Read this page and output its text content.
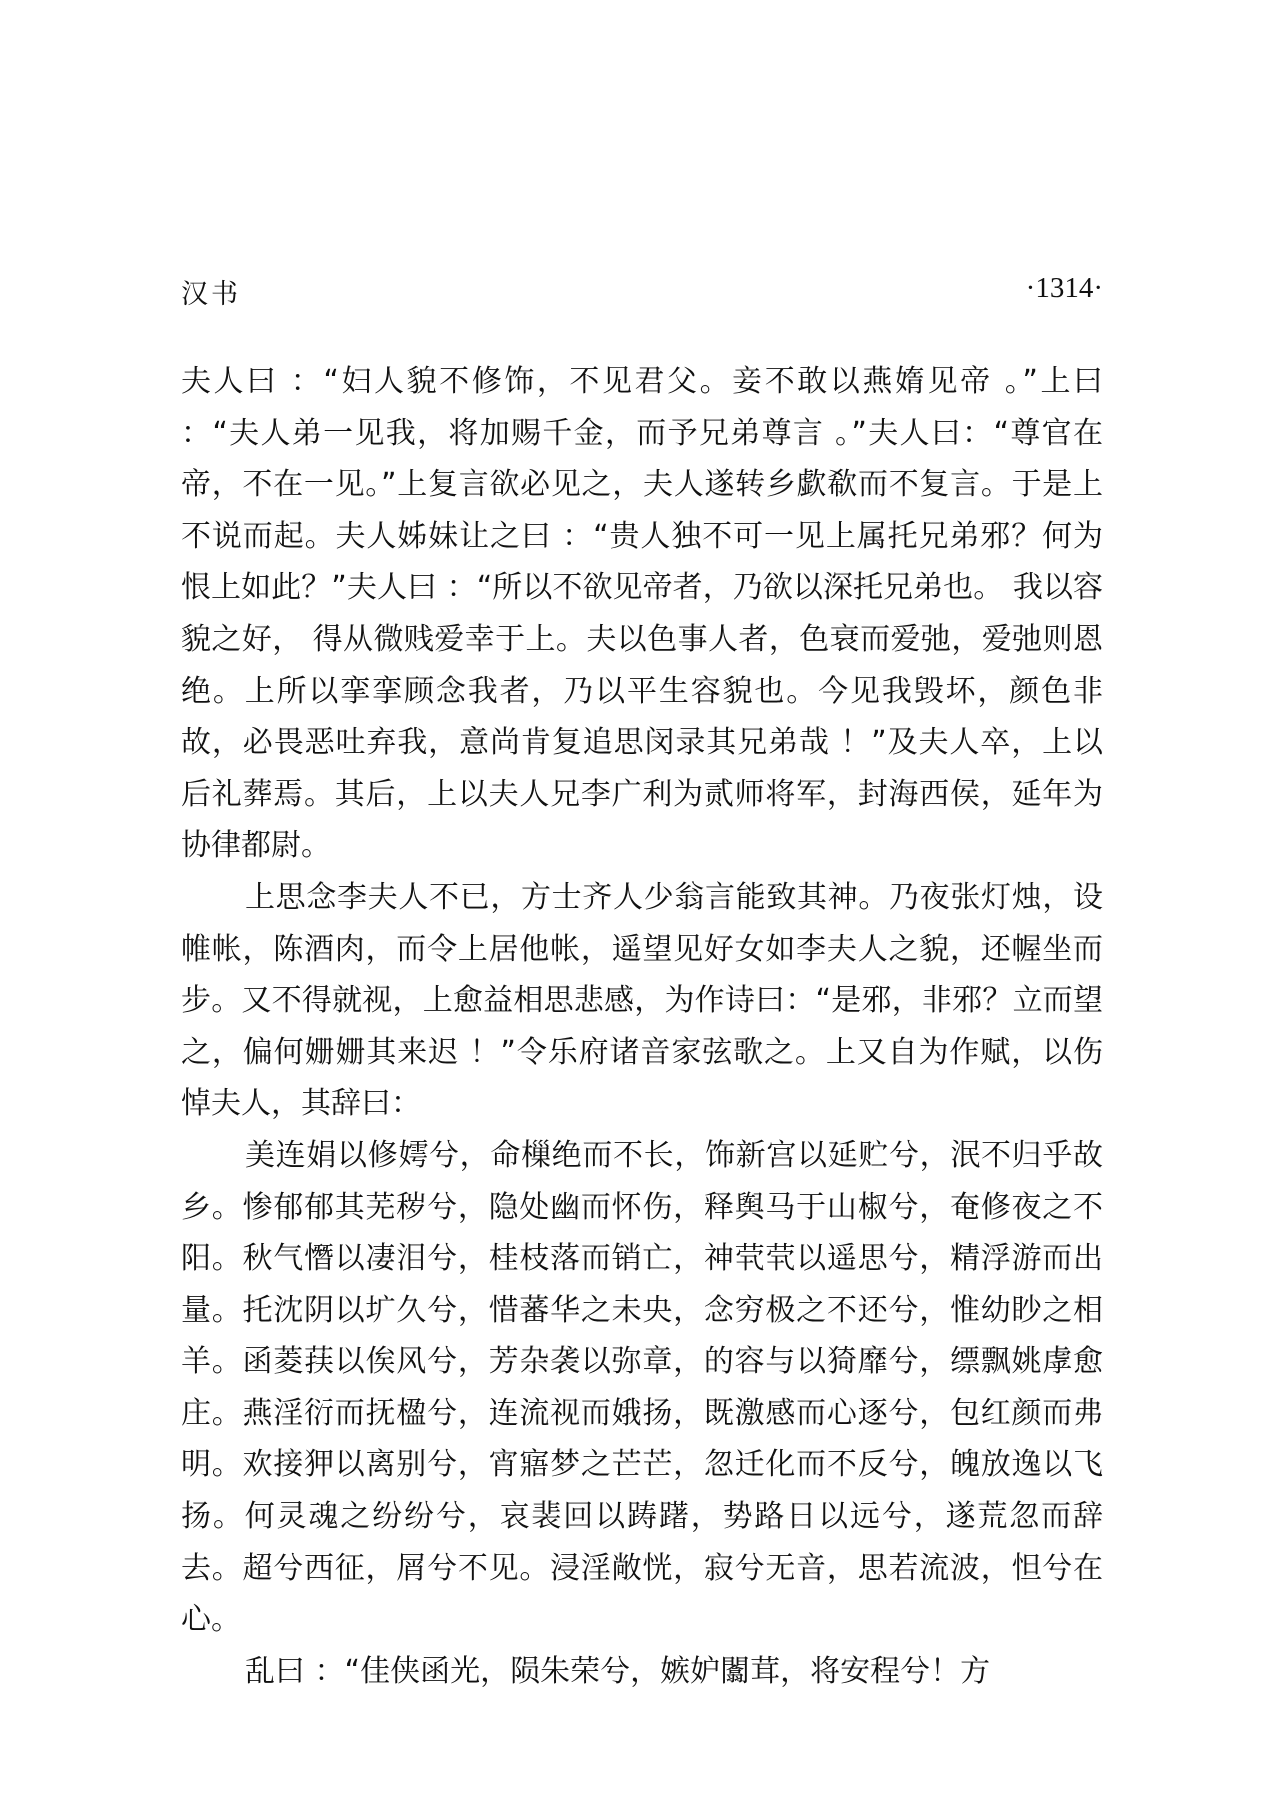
汉书	·1314·

夫人曰 ：“妇人貌不修饰，不见君父。妾不敢以燕媠见帝 。”上曰 ：“夫人弟一见我，将加赐千金，而予兄弟尊言 。”夫人曰：“尊官在帝，不在一见。”上复言欲必见之，夫人遂转乡歔欷而不复言。于是上不说而起。夫人姊妹让之曰 ：“贵人独不可一见上属托兄弟邪？何为恨上如此？”夫人曰 ：“所以不欲见帝者，乃欲以深托兄弟也。 我以容貌之好， 得从微贱爱幸于上。夫以色事人者，色衰而爱弛，爱弛则恩绝。上所以挛挛顾念我者，乃以平生容貌也。今见我毁坏，颜色非故，必畏恶吐弃我，意尚肯复追思闵录其兄弟哉 ！”及夫人卒，上以后礼葬焉。其后，上以夫人兄李广利为贰师将军，封海西侯，延年为协律都尉。

上思念李夫人不已，方士齐人少翁言能致其神。乃夜张灯烛，设帷帐，陈酒肉，而令上居他帐，遥望见好女如李夫人之貌，还幄坐而步。又不得就视，上愈益相思悲感，为作诗曰：“是邪，非邪？立而望之，偏何姗姗其来迟 ！”令乐府诸音家弦歌之。上又自为作赋，以伤悼夫人，其辞曰：

美连娟以修嫮兮，命樔绝而不长，饰新宫以延贮兮，泯不归乎故乡。惨郁郁其芜秽兮，隐处幽而怀伤，释舆马于山椒兮，奄修夜之不阳。秋气憯以凄泪兮，桂枝落而销亡，神茕茕以遥思兮，精浮游而出量。托沈阴以圹久兮，惜蕃华之未央，念穷极之不还兮，惟幼眇之相羊。函菱荴以俟风兮，芳杂袭以弥章，的容与以猗靡兮，缥飘姚虖愈庄。燕淫衍而抚楹兮，连流视而娥扬，既激感而心逐兮，包红颜而弗明。欢接狎以离别兮，宵寤梦之芒芒，忽迁化而不反兮，魄放逸以飞扬。何灵魂之纷纷兮，哀裴回以踌躇，势路日以远兮，遂荒忽而辞去。超兮西征，屑兮不见。浸淫敞恍，寂兮无音，思若流波，怛兮在心。

乱曰 ：“佳侠函光，陨朱荣兮，嫉妒闟茸，将安程兮！方
